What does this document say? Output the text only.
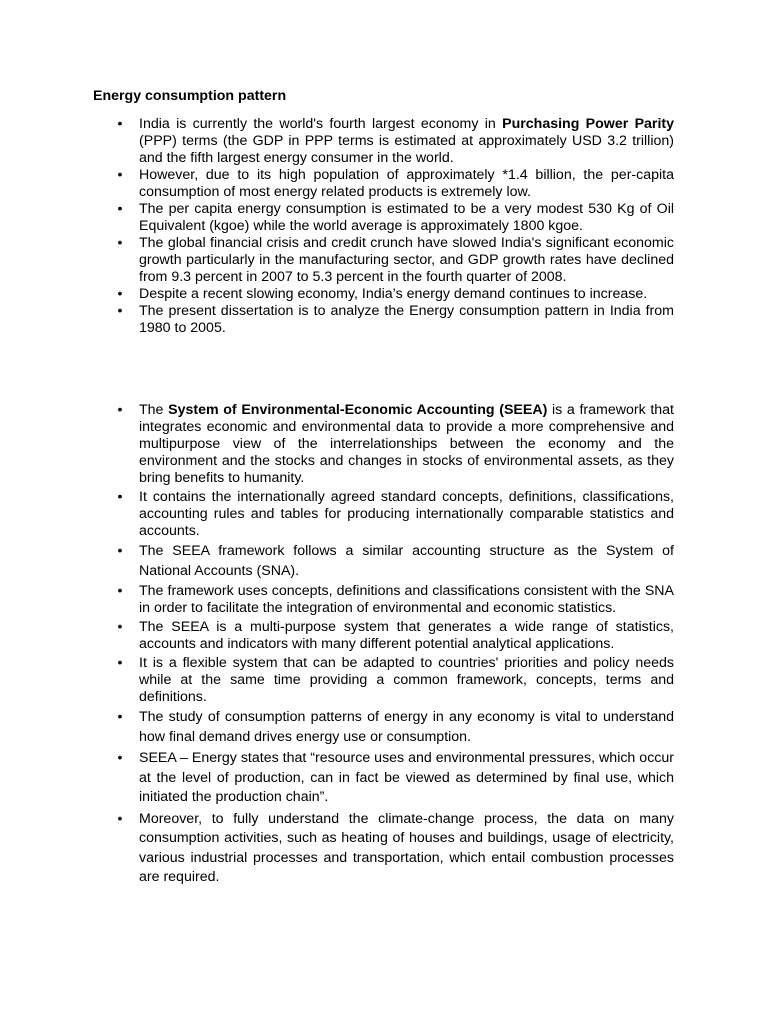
Energy consumption pattern
• India is currently the world's fourth largest economy in Purchasing Power Parity (PPP) terms (the GDP in PPP terms is estimated at approximately USD 3.2 trillion) and the fifth largest energy consumer in the world.
• However, due to its high population of approximately *1.4 billion, the per-capita consumption of most energy related products is extremely low.
• The per capita energy consumption is estimated to be a very modest 530 Kg of Oil Equivalent (kgoe) while the world average is approximately 1800 kgoe.
• The global financial crisis and credit crunch have slowed India's significant economic growth particularly in the manufacturing sector, and GDP growth rates have declined from 9.3 percent in 2007 to 5.3 percent in the fourth quarter of 2008.
• Despite a recent slowing economy, India’s energy demand continues to increase.
• The present dissertation is to analyze the Energy consumption pattern in India from 1980 to 2005.
• The System of Environmental-Economic Accounting (SEEA) is a framework that integrates economic and environmental data to provide a more comprehensive and multipurpose view of the interrelationships between the economy and the environment and the stocks and changes in stocks of environmental assets, as they bring benefits to humanity.
• It contains the internationally agreed standard concepts, definitions, classifications, accounting rules and tables for producing internationally comparable statistics and accounts.
• The SEEA framework follows a similar accounting structure as the System of National Accounts (SNA).
• The framework uses concepts, definitions and classifications consistent with the SNA in order to facilitate the integration of environmental and economic statistics.
• The SEEA is a multi-purpose system that generates a wide range of statistics, accounts and indicators with many different potential analytical applications.
• It is a flexible system that can be adapted to countries' priorities and policy needs while at the same time providing a common framework, concepts, terms and definitions.
• The study of consumption patterns of energy in any economy is vital to understand how final demand drives energy use or consumption.
• SEEA – Energy states that “resource uses and environmental pressures, which occur at the level of production, can in fact be viewed as determined by final use, which initiated the production chain”.
• Moreover, to fully understand the climate-change process, the data on many consumption activities, such as heating of houses and buildings, usage of electricity, various industrial processes and transportation, which entail combustion processes are required.
